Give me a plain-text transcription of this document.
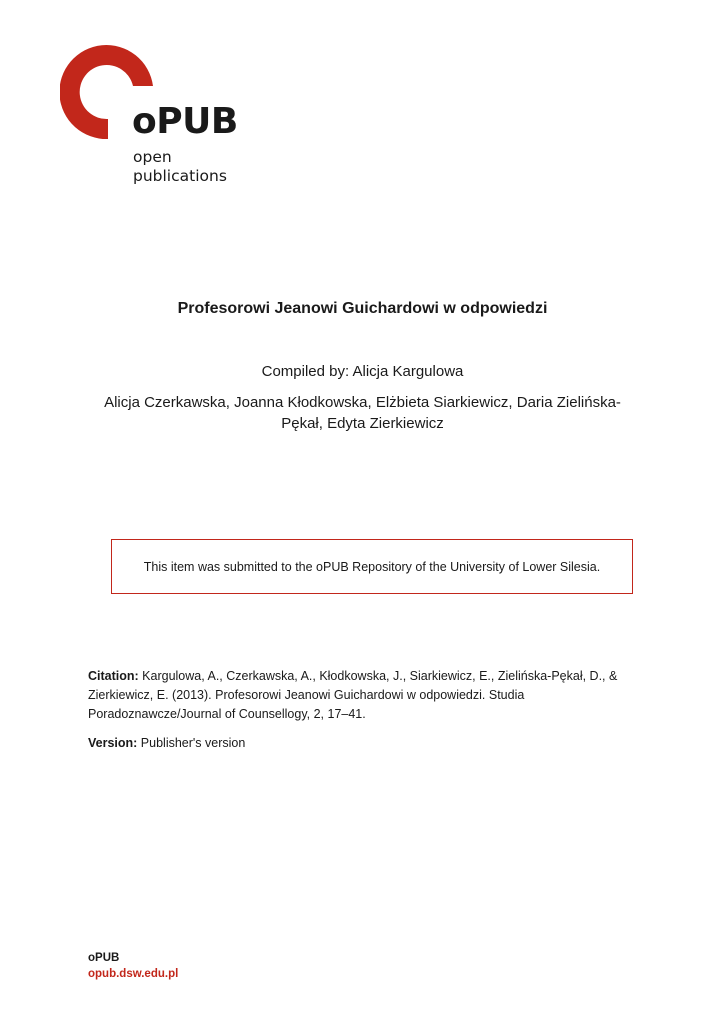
oPUB
open
publications
Profesorowi Jeanowi Guichardowi w odpowiedzi
Compiled by: Alicja Kargulowa
Alicja Czerkawska, Joanna Kłodkowska, Elżbieta Siarkiewicz, Daria Zielińska-Pękał, Edyta Zierkiewicz
This item was submitted to the oPUB Repository of the University of Lower Silesia.
Citation: Kargulowa, A., Czerkawska, A., Kłodkowska, J., Siarkiewicz, E., Zielińska-Pękał, D., & Zierkiewicz, E. (2013). Profesorowi Jeanowi Guichardowi w odpowiedzi. Studia Poradoznawcze/Journal of Counsellogy, 2, 17–41.
Version: Publisher's version
oPUB
opub.dsw.edu.pl
